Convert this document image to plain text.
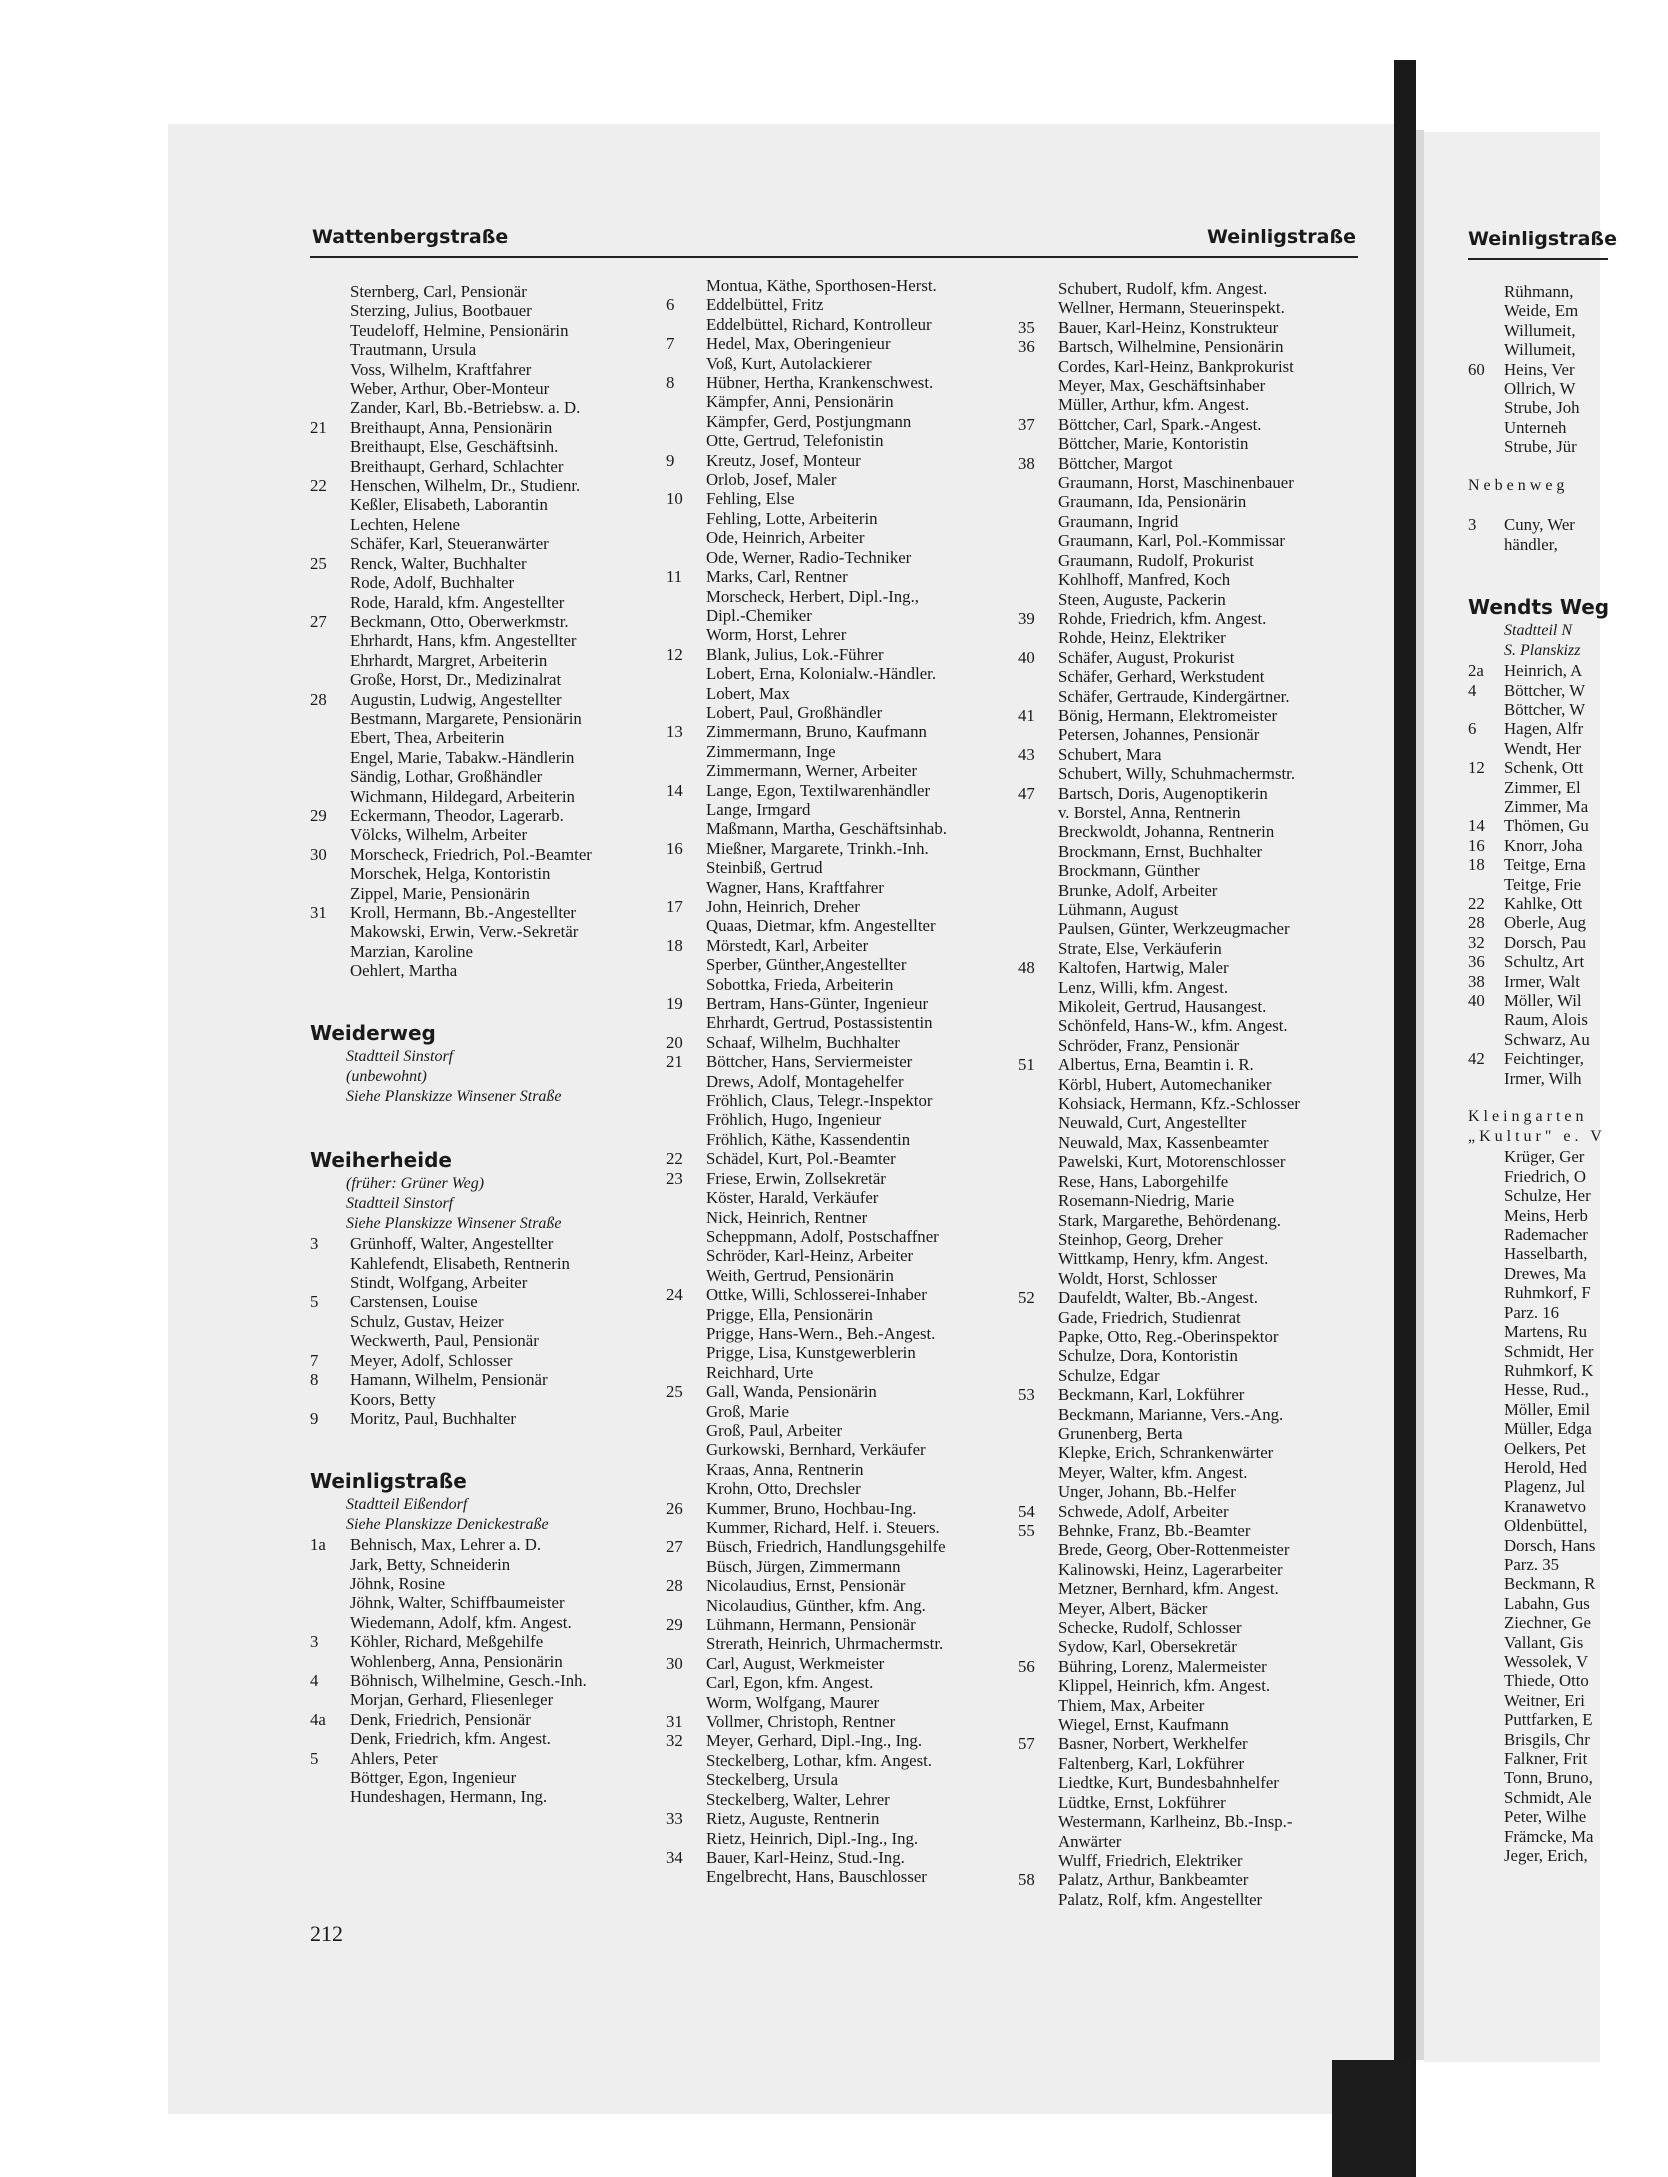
Wattenbergstraße	Weinligstraße
Sternberg, Carl, Pensionär
Sterzing, Julius, Bootbauer
Teudeloff, Helmine, Pensionärin
Trautmann, Ursula
Voss, Wilhelm, Kraftfahrer
Weber, Arthur, Ober-Monteur
Zander, Karl, Bb.-Betriebsw. a. D.
21	Breithaupt, Anna, Pensionärin
Breithaupt, Else, Geschäftsinh.
Breithaupt, Gerhard, Schlachter
22	Henschen, Wilhelm, Dr., Studienr.
Keßler, Elisabeth, Laborantin
Lechten, Helene
Schäfer, Karl, Steueranwärter
25	Renck, Walter, Buchhalter
Rode, Adolf, Buchhalter
Rode, Harald, kfm. Angestellter
27	Beckmann, Otto, Oberwerkmstr.
Ehrhardt, Hans, kfm. Angestellter
Ehrhardt, Margret, Arbeiterin
Große, Horst, Dr., Medizinalrat
28	Augustin, Ludwig, Angestellter
Bestmann, Margarete, Pensionärin
Ebert, Thea, Arbeiterin
Engel, Marie, Tabakw.-Händlerin
Sändig, Lothar, Großhändler
Wichmann, Hildegard, Arbeiterin
29	Eckermann, Theodor, Lagerarb.
Völcks, Wilhelm, Arbeiter
30	Morscheck, Friedrich, Pol.-Beamter
Morschek, Helga, Kontoristin
Zippel, Marie, Pensionärin
31	Kroll, Hermann, Bb.-Angestellter
Makowski, Erwin, Verw.-Sekretär
Marzian, Karoline
Oehlert, Martha
Weiderweg
Stadtteil Sinstorf
(unbewohnt)
Siehe Planskizze Winsener Straße
Weiherheide
(früher: Grüner Weg)
Stadtteil Sinstorf
Siehe Planskizze Winsener Straße
3	Grünhoff, Walter, Angestellter
Kahlefendt, Elisabeth, Rentnerin
Stindt, Wolfgang, Arbeiter
5	Carstensen, Louise
Schulz, Gustav, Heizer
Weckwerth, Paul, Pensionär
7	Meyer, Adolf, Schlosser
8	Hamann, Wilhelm, Pensionär
Koors, Betty
9	Moritz, Paul, Buchhalter
Weinligstraße
Stadtteil Eißendorf
Siehe Planskizze Denickestraße
1a	Behnisch, Max, Lehrer a. D.
Jark, Betty, Schneiderin
Jöhnk, Rosine
Jöhnk, Walter, Schiffbaumeister
Wiedemann, Adolf, kfm. Angest.
3	Köhler, Richard, Meßgehilfe
Wohlenberg, Anna, Pensionärin
4	Böhnisch, Wilhelmine, Gesch.-Inh.
Morjan, Gerhard, Fliesenleger
4a	Denk, Friedrich, Pensionär
Denk, Friedrich, kfm. Angest.
5	Ahlers, Peter
Böttger, Egon, Ingenieur
Hundeshagen, Hermann, Ing.
Montua, Käthe, Sporthosen-Herst.
6	Eddelbüttel, Fritz
Eddelbüttel, Richard, Kontrolleur
7	Hedel, Max, Oberingenieur
Voß, Kurt, Autolackierer
8	Hübner, Hertha, Krankenschwest.
Kämpfer, Anni, Pensionärin
Kämpfer, Gerd, Postjungmann
Otte, Gertrud, Telefonistin
9	Kreutz, Josef, Monteur
Orlob, Josef, Maler
10	Fehling, Else
Fehling, Lotte, Arbeiterin
Ode, Heinrich, Arbeiter
Ode, Werner, Radio-Techniker
11	Marks, Carl, Rentner
Morscheck, Herbert, Dipl.-Ing.,
Dipl.-Chemiker
Worm, Horst, Lehrer
12	Blank, Julius, Lok.-Führer
Lobert, Erna, Kolonialw.-Händler.
Lobert, Max
Lobert, Paul, Großhändler
13	Zimmermann, Bruno, Kaufmann
Zimmermann, Inge
Zimmermann, Werner, Arbeiter
14	Lange, Egon, Textilwarenhändler
Lange, Irmgard
Maßmann, Martha, Geschäftsinhab.
16	Mießner, Margarete, Trinkh.-Inh.
Steinbiß, Gertrud
Wagner, Hans, Kraftfahrer
17	John, Heinrich, Dreher
Quaas, Dietmar, kfm. Angestellter
18	Mörstedt, Karl, Arbeiter
Sperber, Günther,Angestellter
Sobottka, Frieda, Arbeiterin
19	Bertram, Hans-Günter, Ingenieur
Ehrhardt, Gertrud, Postassistentin
20	Schaaf, Wilhelm, Buchhalter
21	Böttcher, Hans, Serviermeister
Drews, Adolf, Montagehelfer
Fröhlich, Claus, Telegr.-Inspektor
Fröhlich, Hugo, Ingenieur
Fröhlich, Käthe, Kassendentin
22	Schädel, Kurt, Pol.-Beamter
23	Friese, Erwin, Zollsekretär
Köster, Harald, Verkäufer
Nick, Heinrich, Rentner
Scheppmann, Adolf, Postschaffner
Schröder, Karl-Heinz, Arbeiter
Weith, Gertrud, Pensionärin
24	Ottke, Willi, Schlosserei-Inhaber
Prigge, Ella, Pensionärin
Prigge, Hans-Wern., Beh.-Angest.
Prigge, Lisa, Kunstgewerblerin
Reichhard, Urte
25	Gall, Wanda, Pensionärin
Groß, Marie
Groß, Paul, Arbeiter
Gurkowski, Bernhard, Verkäufer
Kraas, Anna, Rentnerin
Krohn, Otto, Drechsler
26	Kummer, Bruno, Hochbau-Ing.
Kummer, Richard, Helf. i. Steuers.
27	Büsch, Friedrich, Handlungsgehilfe
Büsch, Jürgen, Zimmermann
28	Nicolaudius, Ernst, Pensionär
Nicolaudius, Günther, kfm. Ang.
29	Lühmann, Hermann, Pensionär
Strerath, Heinrich, Uhrmachermstr.
30	Carl, August, Werkmeister
Carl, Egon, kfm. Angest.
Worm, Wolfgang, Maurer
31	Vollmer, Christoph, Rentner
32	Meyer, Gerhard, Dipl.-Ing., Ing.
Steckelberg, Lothar, kfm. Angest.
Steckelberg, Ursula
Steckelberg, Walter, Lehrer
33	Rietz, Auguste, Rentnerin
Rietz, Heinrich, Dipl.-Ing., Ing.
34	Bauer, Karl-Heinz, Stud.-Ing.
Engelbrecht, Hans, Bauschlosser
Schubert, Rudolf, kfm. Angest.
Wellner, Hermann, Steuerinspekt.
35	Bauer, Karl-Heinz, Konstrukteur
36	Bartsch, Wilhelmine, Pensionärin
Cordes, Karl-Heinz, Bankprokurist
Meyer, Max, Geschäftsinhaber
Müller, Arthur, kfm. Angest.
37	Böttcher, Carl, Spark.-Angest.
Böttcher, Marie, Kontoristin
38	Böttcher, Margot
Graumann, Horst, Maschinenbauer
Graumann, Ida, Pensionärin
Graumann, Ingrid
Graumann, Karl, Pol.-Kommissar
Graumann, Rudolf, Prokurist
Kohlhoff, Manfred, Koch
Steen, Auguste, Packerin
39	Rohde, Friedrich, kfm. Angest.
Rohde, Heinz, Elektriker
40	Schäfer, August, Prokurist
Schäfer, Gerhard, Werkstudent
Schäfer, Gertraude, Kindergärtner.
41	Bönig, Hermann, Elektromeister
Petersen, Johannes, Pensionär
43	Schubert, Mara
Schubert, Willy, Schuhmachermstr.
47	Bartsch, Doris, Augenoptikerin
v. Borstel, Anna, Rentnerin
Breckwoldt, Johanna, Rentnerin
Brockmann, Ernst, Buchhalter
Brockmann, Günther
Brunke, Adolf, Arbeiter
Lühmann, August
Paulsen, Günter, Werkzeugmacher
Strate, Else, Verkäuferin
48	Kaltofen, Hartwig, Maler
Lenz, Willi, kfm. Angest.
Mikoleit, Gertrud, Hausangest.
Schönfeld, Hans-W., kfm. Angest.
Schröder, Franz, Pensionär
51	Albertus, Erna, Beamtin i. R.
Körbl, Hubert, Automechaniker
Kohsiack, Hermann, Kfz.-Schlosser
Neuwald, Curt, Angestellter
Neuwald, Max, Kassenbeamter
Pawelski, Kurt, Motorenschlosser
Rese, Hans, Laborgehilfe
Rosemann-Niedrig, Marie
Stark, Margarethe, Behördenang.
Steinhop, Georg, Dreher
Wittkamp, Henry, kfm. Angest.
Woldt, Horst, Schlosser
52	Daufeldt, Walter, Bb.-Angest.
Gade, Friedrich, Studienrat
Papke, Otto, Reg.-Oberinspektor
Schulze, Dora, Kontoristin
Schulze, Edgar
53	Beckmann, Karl, Lokführer
Beckmann, Marianne, Vers.-Ang.
Grunenberg, Berta
Klepke, Erich, Schrankenwärter
Meyer, Walter, kfm. Angest.
Unger, Johann, Bb.-Helfer
54	Schwede, Adolf, Arbeiter
55	Behnke, Franz, Bb.-Beamter
Brede, Georg, Ober-Rottenmeister
Kalinowski, Heinz, Lagerarbeiter
Metzner, Bernhard, kfm. Angest.
Meyer, Albert, Bäcker
Schecke, Rudolf, Schlosser
Sydow, Karl, Obersekretär
56	Bühring, Lorenz, Malermeister
Klippel, Heinrich, kfm. Angest.
Thiem, Max, Arbeiter
Wiegel, Ernst, Kaufmann
57	Basner, Norbert, Werkhelfer
Faltenberg, Karl, Lokführer
Liedtke, Kurt, Bundesbahnhelfer
Lüdtke, Ernst, Lokführer
Westermann, Karlheinz, Bb.-Insp.-
Anwärter
Wulff, Friedrich, Elektriker
58	Palatz, Arthur, Bankbeamter
Palatz, Rolf, kfm. Angestellter
212
Weinligstraße
Rühmann,
Weide, Em
Willumeit,
Willumeit,
60	Heins, Ver
Ollrich, W
Strube, Joh
Unterneh
Strube, Jür
Nebenweg
3	Cuny, Wer
händler,
Wendts Weg
Stadtteil N
S. Planskizz
2a	Heinrich, A
4	Böttcher, W
Böttcher, W
6	Hagen, Alfr
Wendt, Her
12	Schenk, Ott
Zimmer, El
Zimmer, Ma
14	Thömen, Gu
16	Knorr, Joha
18	Teitge, Erna
Teitge, Frie
22	Kahlke, Ott
28	Oberle, Aug
32	Dorsch, Pau
36	Schultz, Art
38	Irmer, Walt
40	Möller, Wil
Raum, Alois
Schwarz, Au
42	Feichtinger,
Irmer, Wilh
Kleingarten
„Kultur" e. V
Krüger, Ger
Friedrich, O
Schulze, Her
Meins, Herb
Rademacher
Hasselbarth,
Drewes, Ma
Ruhmkorf, F
Parz. 16
Martens, Ru
Schmidt, Her
Ruhmkorf, K
Hesse, Rud.,
Möller, Emil
Müller, Edga
Oelkers, Pet
Herold, Hed
Plagenz, Jul
Kranawetvo
Oldenbüttel,
Dorsch, Hans
Parz. 35
Beckmann, R
Labahn, Gus
Ziechner, Ge
Vallant, Gis
Wessolek, V
Thiede, Otto
Weitner, Eri
Puttfarken, E
Brisgils, Chr
Falkner, Frit
Tonn, Bruno,
Schmidt, Ale
Peter, Wilhe
Främcke, Ma
Jeger, Erich,
